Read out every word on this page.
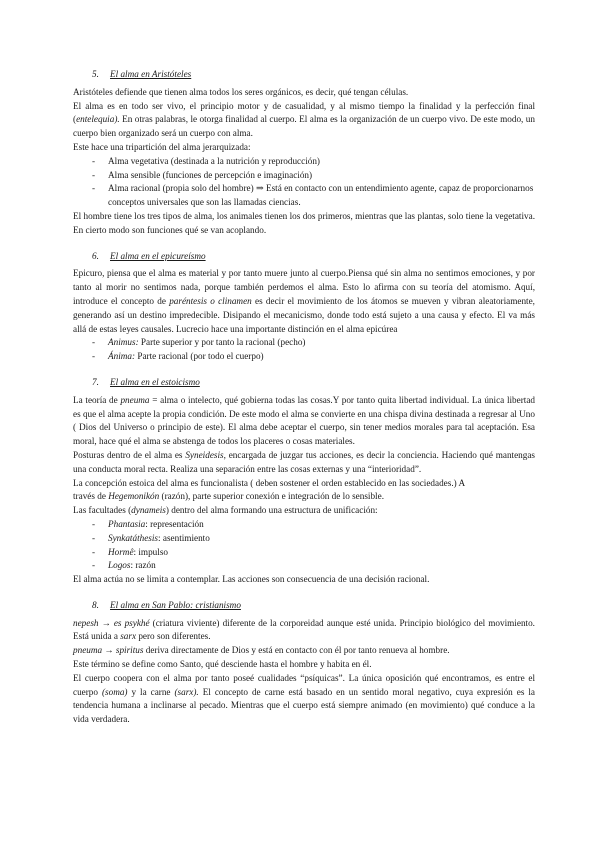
5. El alma en Aristóteles

Aristóteles defiende que tienen alma todos los seres orgánicos, es decir, qué tengan células.

El alma es en todo ser vivo, el principio motor y de casualidad, y al mismo tiempo la finalidad y la perfección final (entelequia). En otras palabras, le otorga finalidad al cuerpo. El alma es la organización de un cuerpo vivo. De este modo, un cuerpo bien organizado será un cuerpo con alma.

Este hace una tripartición del alma jerarquizada:

- Alma vegetativa (destinada a la nutrición y reproducción)
- Alma sensible (funciones de percepción e imaginación)
- Alma racional (propia solo del hombre) ⇒ Está en contacto con un entendimiento agente, capaz de proporcionarnos conceptos universales que son las llamadas ciencias.

El hombre tiene los tres tipos de alma, los animales tienen los dos primeros, mientras que las plantas, solo tiene la vegetativa. En cierto modo son funciones qué se van acoplando.

6. El alma en el epicureísmo

Epicuro, piensa que el alma es material y por tanto muere junto al cuerpo.Piensa qué sin alma no sentimos emociones, y por tanto al morir no sentimos nada, porque también perdemos el alma. Esto lo afirma con su teoría del atomismo. Aquí, introduce el concepto de paréntesis o clinamen es decir el movimiento de los átomos se mueven y vibran aleatoriamente, generando así un destino impredecible. Disipando el mecanicismo, donde todo está sujeto a una causa y efecto. El va más allá de estas leyes causales. Lucrecio hace una importante distinción en el alma epicúrea

- Animus: Parte superior y por tanto la racional (pecho)
- Ánima: Parte racional (por todo el cuerpo)
7. El alma en el estoicismo

La teoría de pneuma = alma o intelecto, qué gobierna todas las cosas.Y por tanto quita libertad individual. La única libertad es que el alma acepte la propia condición. De este modo el alma se convierte en una chispa divina destinada a regresar al Uno ( Dios del Universo o principio de este). El alma debe aceptar el cuerpo, sin tener medios morales para tal aceptación. Esa moral, hace qué el alma se abstenga de todos los placeres o cosas materiales.

Posturas dentro de el alma es Syneidesis, encargada de juzgar tus acciones, es decir la conciencia. Haciendo qué mantengas una conducta moral recta. Realiza una separación entre las cosas externas y una “interioridad”.

La concepción estoica del alma es funcionalista ( deben sostener el orden establecido en las sociedades.) A

través de Hegemonikón (razón), parte superior conexión e integración de lo sensible.

Las facultades (dynameis) dentro del alma formando una estructura de unificación:

- Phantasia: representación
- Synkatáthesis: asentimiento
- Hormê: impulso
- Logos: razón

El alma actúa no se limita a contemplar. Las acciones son consecuencia de una decisión racional.

8. El alma en San Pablo: cristianismo

nepesh → es psykhé (criatura viviente) diferente de la corporeidad aunque esté unida. Principio biológico del movimiento. Está unida a sarx pero son diferentes.

pneuma → spiritus deriva directamente de Dios y está en contacto con él por tanto renueva al hombre.

Este término se define como Santo, qué desciende hasta el hombre y habita en él.

El cuerpo coopera con el alma por tanto poseé cualidades “psíquicas”. La única oposición qué encontramos, es entre el cuerpo (soma) y la carne (sarx). El concepto de carne está basado en un sentido moral negativo, cuya expresión es la tendencia humana a inclinarse al pecado. Mientras que el cuerpo está siempre animado (en movimiento) qué conduce a la vida verdadera.
